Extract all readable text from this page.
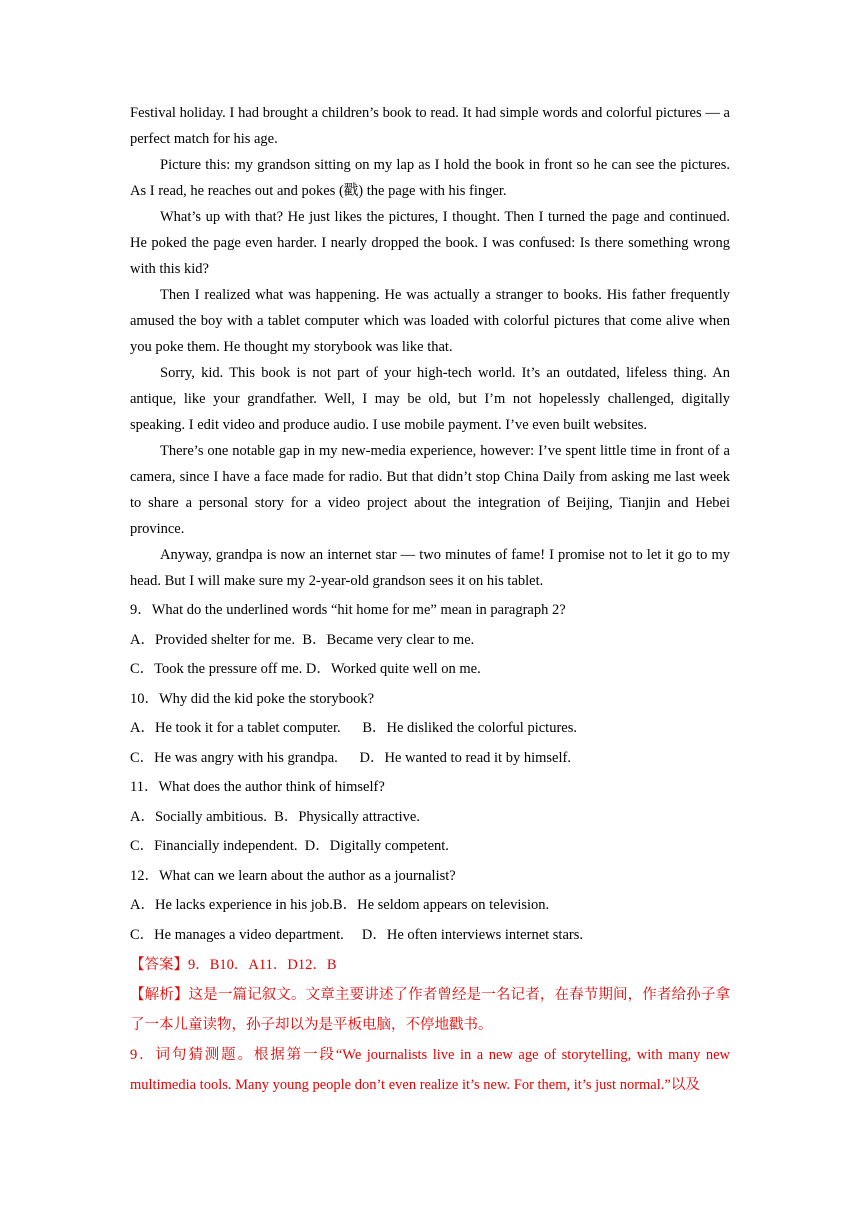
Festival holiday. I had brought a children’s book to read. It had simple words and colorful pictures — a perfect match for his age.

Picture this: my grandson sitting on my lap as I hold the book in front so he can see the pictures. As I read, he reaches out and pokes (戳) the page with his finger.

What’s up with that? He just likes the pictures, I thought. Then I turned the page and continued. He poked the page even harder. I nearly dropped the book. I was confused: Is there something wrong with this kid?

Then I realized what was happening. He was actually a stranger to books. His father frequently amused the boy with a tablet computer which was loaded with colorful pictures that come alive when you poke them. He thought my storybook was like that.

Sorry, kid. This book is not part of your high-tech world. It’s an outdated, lifeless thing. An antique, like your grandfather. Well, I may be old, but I’m not hopelessly challenged, digitally speaking. I edit video and produce audio. I use mobile payment. I’ve even built websites.

There’s one notable gap in my new-media experience, however: I’ve spent little time in front of a camera, since I have a face made for radio. But that didn’t stop China Daily from asking me last week to share a personal story for a video project about the integration of Beijing, Tianjin and Hebei province.

Anyway, grandpa is now an internet star — two minutes of fame! I promise not to let it go to my head. But I will make sure my 2-year-old grandson sees it on his tablet.

9．What do the underlined words “hit home for me” mean in paragraph 2?

A．Provided shelter for me.  B．Became very clear to me.

C．Took the pressure off me. D．Worked quite well on me.

10．Why did the kid poke the storybook?

A．He took it for a tablet computer.      B．He disliked the colorful pictures.

C．He was angry with his grandpa.      D．He wanted to read it by himself.

11．What does the author think of himself?

A．Socially ambitious.  B．Physically attractive.

C．Financially independent.  D．Digitally competent.

12．What can we learn about the author as a journalist?

A．He lacks experience in his job.B．He seldom appears on television.

C．He manages a video department.     D．He often interviews internet stars.

【答案】9．B10．A11．D12．B

【解析】这是一篇记叙文。文章主要讲述了作者曾经是一名记者，在春节期间，作者给孙子拿了一本儿童读物，孙子却以为是平板电脑，不停地戳书。

9．词句猜测题。根据第一段“We journalists live in a new age of storytelling, with many new multimedia tools. Many young people don’t even realize it’s new. For them, it’s just normal.”以及
